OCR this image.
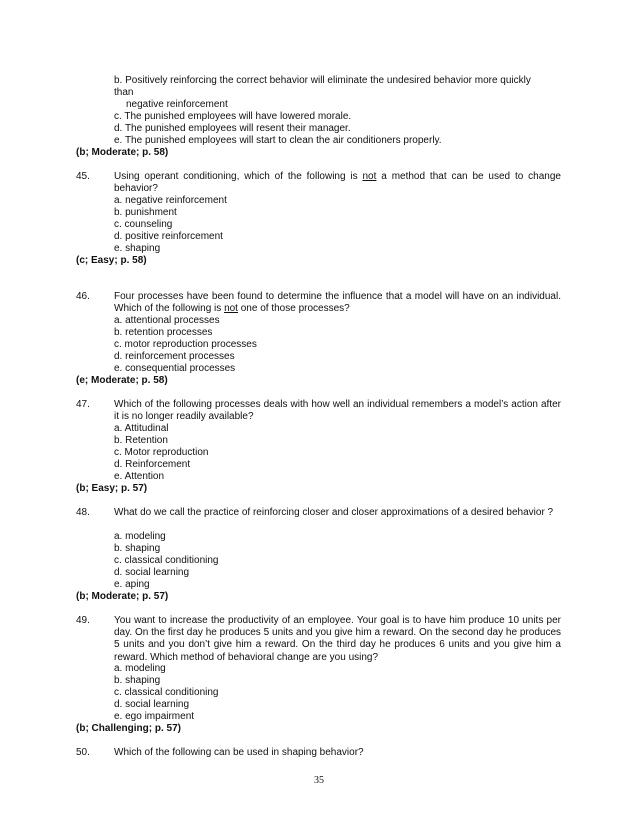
b. Positively reinforcing the correct behavior will eliminate the undesired behavior more quickly
than
negative reinforcement
c. The punished employees will have lowered morale.
d. The punished employees will resent their manager.
e. The punished employees will start to clean the air conditioners properly.
(b; Moderate; p. 58)
45. Using operant conditioning, which of the following is not a method that can be used to change behavior?
a. negative reinforcement
b. punishment
c. counseling
d. positive reinforcement
e. shaping
(c; Easy; p. 58)
46. Four processes have been found to determine the influence that a model will have on an individual. Which of the following is not one of those processes?
a. attentional processes
b. retention processes
c. motor reproduction processes
d. reinforcement processes
e. consequential processes
(e; Moderate; p. 58)
47. Which of the following processes deals with how well an individual remembers a model’s action after it is no longer readily available?
a. Attitudinal
b. Retention
c. Motor reproduction
d. Reinforcement
e. Attention
(b; Easy; p. 57)
48. What do we call the practice of reinforcing closer and closer approximations of a desired behavior ?
a. modeling
b. shaping
c. classical conditioning
d. social learning
e. aping
(b; Moderate; p. 57)
49. You want to increase the productivity of an employee. Your goal is to have him produce 10 units per day. On the first day he produces 5 units and you give him a reward. On the second day he produces 5 units and you don’t give him a reward. On the third day he produces 6 units and you give him a reward. Which method of behavioral change are you using?
a. modeling
b. shaping
c. classical conditioning
d. social learning
e. ego impairment
(b; Challenging; p. 57)
50. Which of the following can be used in shaping behavior?
35
